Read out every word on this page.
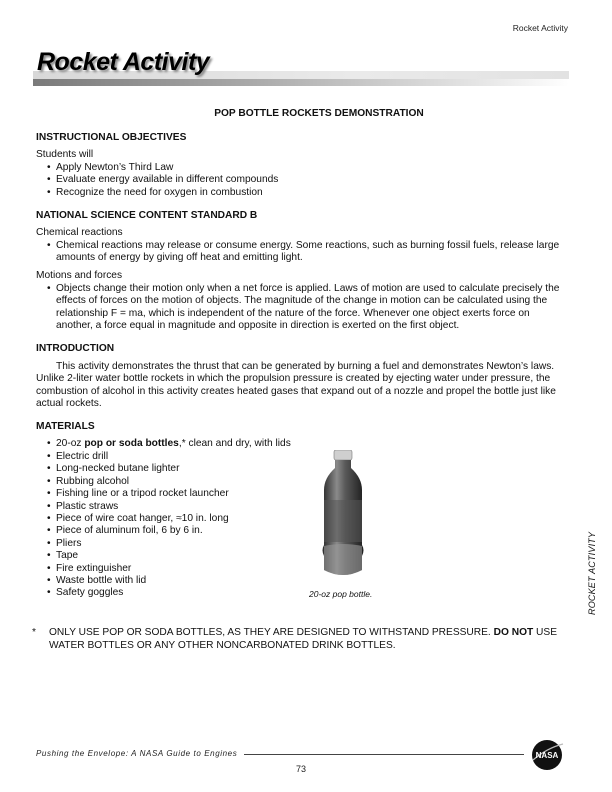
Rocket Activity
Rocket Activity
POP BOTTLE ROCKETS DEMONSTRATION
INSTRUCTIONAL OBJECTIVES
Students will
• Apply Newton’s Third Law
• Evaluate energy available in different compounds
• Recognize the need for oxygen in combustion
NATIONAL SCIENCE CONTENT STANDARD B
Chemical reactions
• Chemical reactions may release or consume energy. Some reactions, such as burning fossil fuels, release large amounts of energy by giving off heat and emitting light.
Motions and forces
• Objects change their motion only when a net force is applied. Laws of motion are used to calculate precisely the effects of forces on the motion of objects. The magnitude of the change in motion can be calculated using the relationship F = ma, which is independent of the nature of the force. Whenever one object exerts force on another, a force equal in magnitude and opposite in direction is exerted on the first object.
INTRODUCTION

This activity demonstrates the thrust that can be generated by burning a fuel and demonstrates Newton’s laws. Unlike 2-liter water bottle rockets in which the propulsion pressure is created by ejecting water under pressure, the combustion of alcohol in this activity creates heated gases that expand out of a nozzle and propel the bottle just like actual rockets.

MATERIALS
• 20-oz pop or soda bottles,* clean and dry, with lids
• Electric drill
• Long-necked butane lighter
• Rubbing alcohol
• Fishing line or a tripod rocket launcher
• Plastic straws
• Piece of wire coat hanger, ≈10 in. long
• Piece of aluminum foil, 6 by 6 in.
• Pliers
• Tape
• Fire extinguisher
• Waste bottle with lid
• Safety goggles	20-oz pop bottle.
*	ONLY USE POP OR SODA BOTTLES, AS THEY ARE DESIGNED TO WITHSTAND PRESSURE. DO NOT USE WATER BOTTLES OR ANY OTHER NONCARBONATED DRINK BOTTLES.
ROCKET ACTIVITY
Pushing the Envelope: A NASA Guide to Engines
73
NASA
